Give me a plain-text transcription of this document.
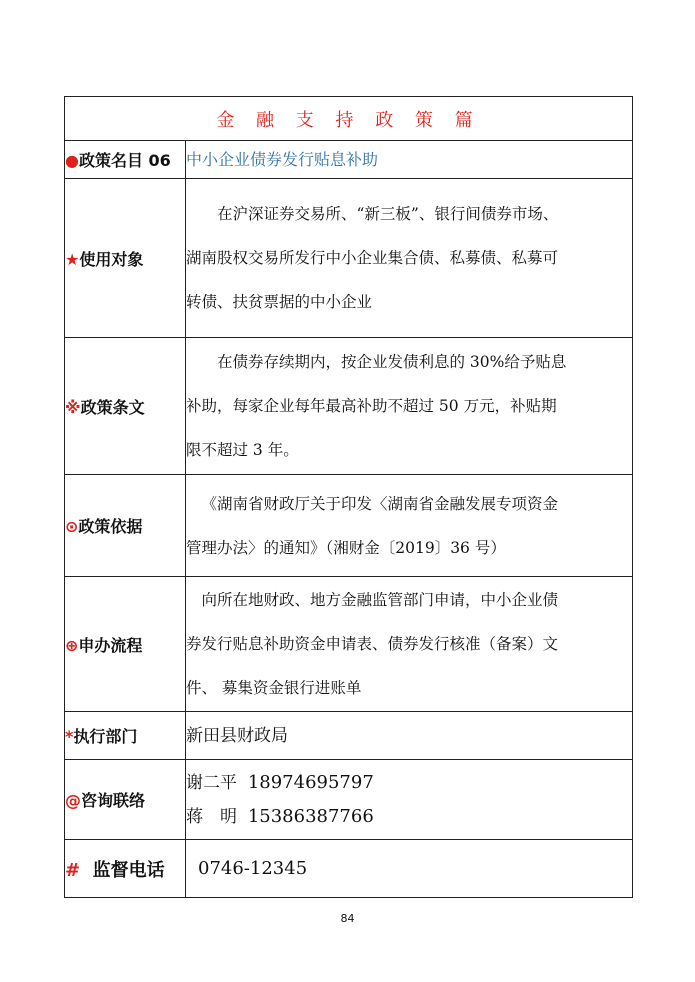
金 融 支 持 政 策 篇	
●政策名目 06	中小企业债券发行贴息补助
★使用对象	在沪深证券交易所、“新三板”、银行间债券市场、
湖南股权交易所发行中小企业集合债、私募债、私募可
转债、扶贫票据的中小企业

※政策条文	在债券存续期内，按企业发债利息的 30%给予贴息
补助，每家企业每年最高补助不超过 50 万元，补贴期
限不超过 3 年。

⊙政策依据	《湖南省财政厅关于印发〈湖南省金融发展专项资金
管理办法〉的通知》（湘财金〔2019〕36 号）

⊕申办流程	向所在地财政、地方金融监管部门申请，中小企业债
券发行贴息补助资金申请表、债券发行核准（备案）文
件、 募集资金银行进账单

*执行部门	新田县财政局
@咨询联络	谢二平 18974695797
蒋　明 15386387766

# 监督电话	0746-12345
84
